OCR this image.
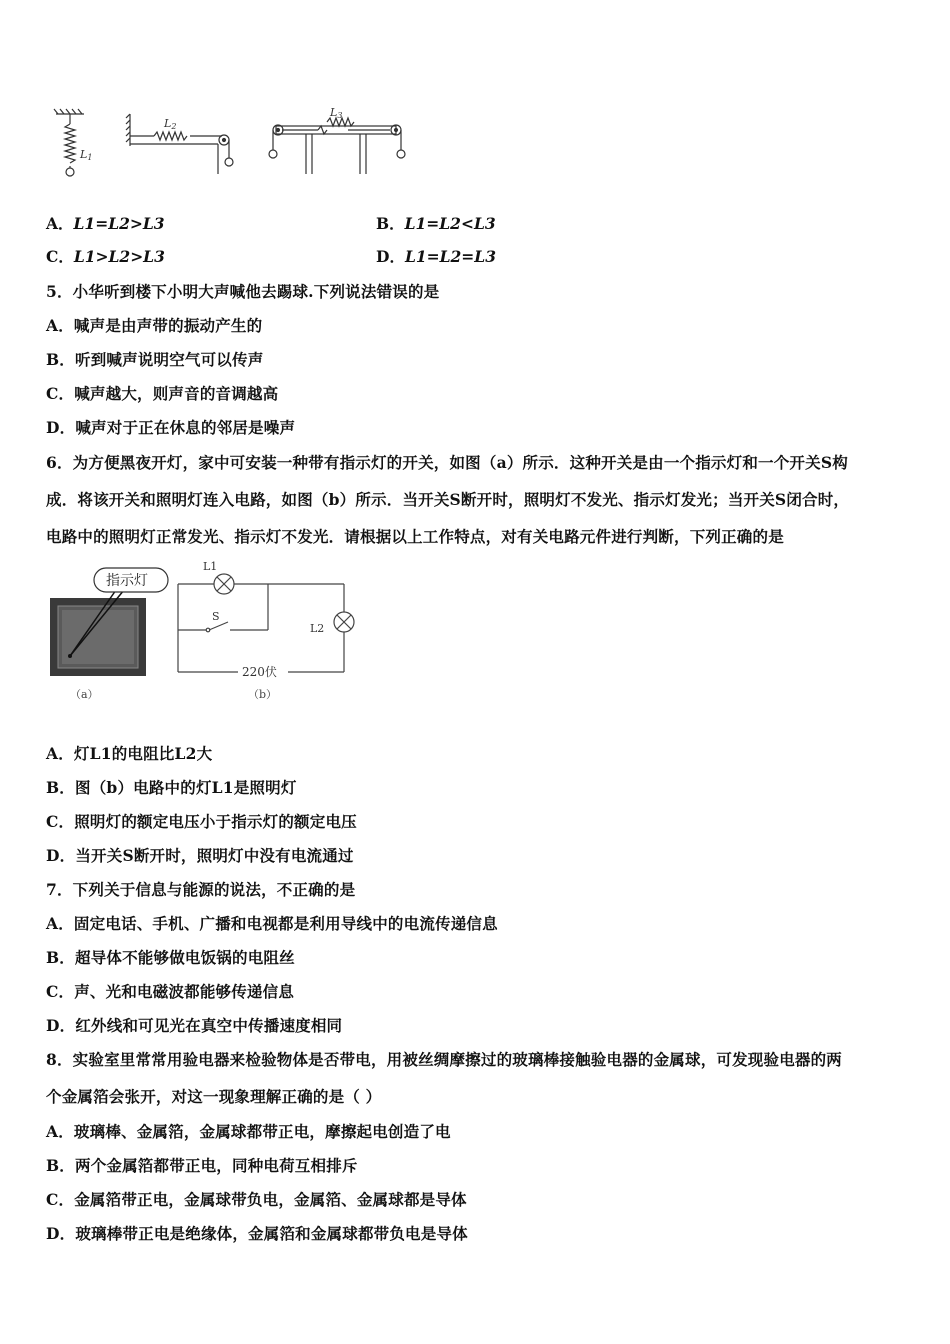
L1
L2
L3
A．L1=L2>L3	B．L1=L2<L3
C．L1>L2>L3	D．L1=L2=L3
5．小华听到楼下小明大声喊他去踢球.下列说法错误的是
A．喊声是由声带的振动产生的
B．听到喊声说明空气可以传声
C．喊声越大，则声音的音调越高
D．喊声对于正在休息的邻居是噪声
6．为方便黑夜开灯，家中可安装一种带有指示灯的开关，如图（a）所示．这种开关是由一个指示灯和一个开关S构
成．将该开关和照明灯连入电路，如图（b）所示．当开关S断开时，照明灯不发光、指示灯发光；当开关S闭合时，
电路中的照明灯正常发光、指示灯不发光．请根据以上工作特点，对有关电路元件进行判断，下列正确的是
指示灯
（a）
L1
L2
S
220伏
（b）
A．灯L1的电阻比L2大
B．图（b）电路中的灯L1是照明灯
C．照明灯的额定电压小于指示灯的额定电压
D．当开关S断开时，照明灯中没有电流通过
7．下列关于信息与能源的说法，不正确的是
A．固定电话、手机、广播和电视都是利用导线中的电流传递信息
B．超导体不能够做电饭锅的电阻丝
C．声、光和电磁波都能够传递信息
D．红外线和可见光在真空中传播速度相同
8．实验室里常常用验电器来检验物体是否带电，用被丝绸摩擦过的玻璃棒接触验电器的金属球，可发现验电器的两
个金属箔会张开，对这一现象理解正确的是（ ）
A．玻璃棒、金属箔，金属球都带正电，摩擦起电创造了电
B．两个金属箔都带正电，同种电荷互相排斥
C．金属箔带正电，金属球带负电，金属箔、金属球都是导体
D．玻璃棒带正电是绝缘体，金属箔和金属球都带负电是导体
